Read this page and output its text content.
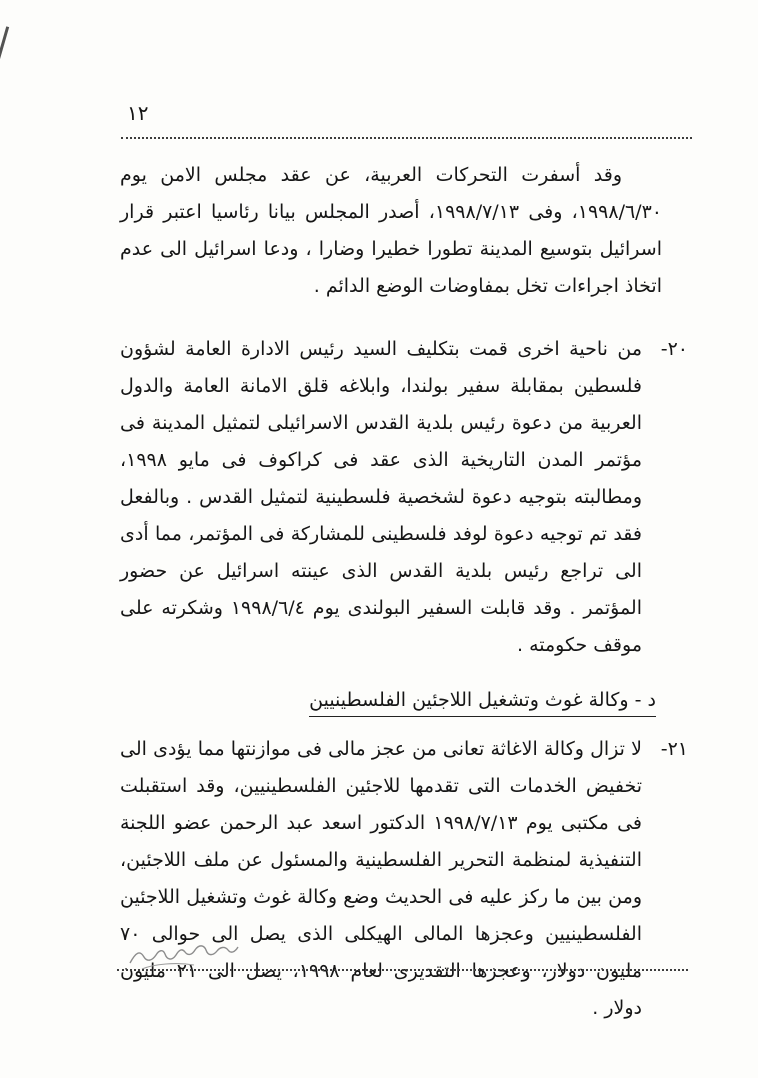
١٢

وقد أسفرت التحركات العربية، عن عقد مجلس الامن يوم ١٩٩٨/٦/٣٠، وفى ١٩٩٨/٧/١٣، أصدر المجلس بيانا رئاسيا اعتبر قرار اسرائيل بتوسيع المدينة تطورا خطيرا وضارا ، ودعا اسرائيل الى عدم اتخاذ اجراءات تخل بمفاوضات الوضع الدائم .

٢٠-
من ناحية اخرى قمت بتكليف السيد رئيس الادارة العامة لشؤون فلسطين بمقابلة سفير بولندا، وابلاغه قلق الامانة العامة والدول العربية من دعوة رئيس بلدية القدس الاسرائيلى لتمثيل المدينة فى مؤتمر المدن التاريخية الذى عقد فى كراكوف فى مايو ١٩٩٨، ومطالبته بتوجيه دعوة لشخصية فلسطينية لتمثيل القدس . وبالفعل فقد تم توجيه دعوة لوفد فلسطينى للمشاركة فى المؤتمر، مما أدى الى تراجع رئيس بلدية القدس الذى عينته اسرائيل عن حضور المؤتمر . وقد قابلت السفير البولندى يوم ١٩٩٨/٦/٤ وشكرته على موقف حكومته .
د - وكالة غوث وتشغيل اللاجئين الفلسطينيين
٢١-
لا تزال وكالة الاغاثة تعانى من عجز مالى فى موازنتها مما يؤدى الى تخفيض الخدمات التى تقدمها للاجئين الفلسطينيين، وقد استقبلت فى مكتبى يوم ١٩٩٨/٧/١٣ الدكتور اسعد عبد الرحمن عضو اللجنة التنفيذية لمنظمة التحرير الفلسطينية والمسئول عن ملف اللاجئين، ومن بين ما ركز عليه فى الحديث وضع وكالة غوث وتشغيل اللاجئين الفلسطينيين وعجزها المالى الهيكلى الذى يصل الى حوالى ٧٠ مليون دولار، وعجزها التقديرى لعام ١٩٩٨، يصل الى ٢١ مليون دولار .
